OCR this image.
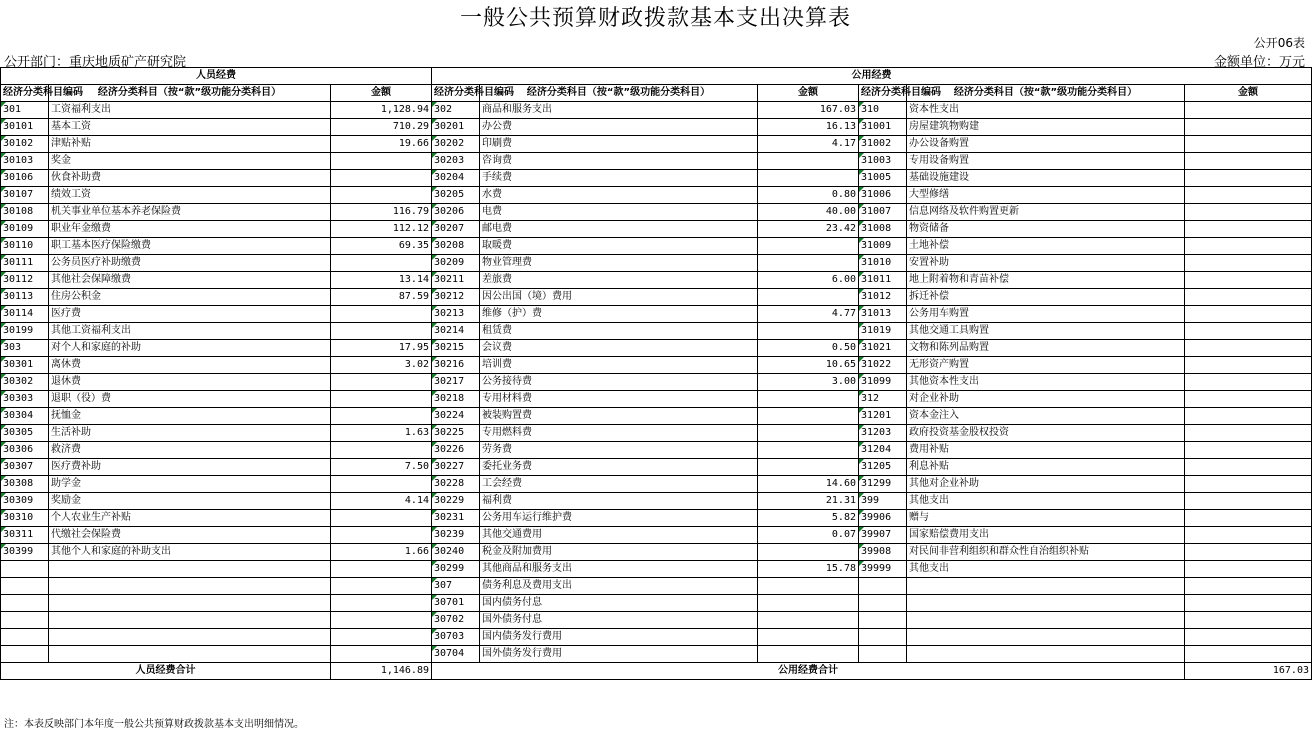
一般公共预算财政拨款基本支出决算表
公开06表
公开部门：重庆地质矿产研究院	金额单位：万元
人员经费			公用经费					
经济分类科目编码	经济分类科目（按“款”级功能分类科目）	金额	经济分类科目编码	经济分类科目（按“款”级功能分类科目）	金额	经济分类科目编码	经济分类科目（按“款”级功能分类科目）	金额
301	工资福利支出	1,128.94	302	商品和服务支出	167.03	310	资本性支出	
30101	基本工资	710.29	30201	办公费	16.13	31001	房屋建筑物购建	
30102	津贴补贴	19.66	30202	印刷费	4.17	31002	办公设备购置	
30103	奖金		30203	咨询费		31003	专用设备购置	
30106	伙食补助费		30204	手续费		31005	基础设施建设	
30107	绩效工资		30205	水费	0.80	31006	大型修缮	
30108	机关事业单位基本养老保险费	116.79	30206	电费	40.00	31007	信息网络及软件购置更新	
30109	职业年金缴费	112.12	30207	邮电费	23.42	31008	物资储备	
30110	职工基本医疗保险缴费	69.35	30208	取暖费		31009	土地补偿	
30111	公务员医疗补助缴费		30209	物业管理费		31010	安置补助	
30112	其他社会保障缴费	13.14	30211	差旅费	6.00	31011	地上附着物和青苗补偿	
30113	住房公积金	87.59	30212	因公出国（境）费用		31012	拆迁补偿	
30114	医疗费		30213	维修（护）费	4.77	31013	公务用车购置	
30199	其他工资福利支出		30214	租赁费		31019	其他交通工具购置	
303	对个人和家庭的补助	17.95	30215	会议费	0.50	31021	文物和陈列品购置	
30301	离休费	3.02	30216	培训费	10.65	31022	无形资产购置	
30302	退休费		30217	公务接待费	3.00	31099	其他资本性支出	
30303	退职（役）费		30218	专用材料费		312	对企业补助	
30304	抚恤金		30224	被装购置费		31201	资本金注入	
30305	生活补助	1.63	30225	专用燃料费		31203	政府投资基金股权投资	
30306	救济费		30226	劳务费		31204	费用补贴	
30307	医疗费补助	7.50	30227	委托业务费		31205	利息补贴	
30308	助学金		30228	工会经费	14.60	31299	其他对企业补助	
30309	奖励金	4.14	30229	福利费	21.31	399	其他支出	
30310	个人农业生产补贴		30231	公务用车运行维护费	5.82	39906	赠与	
30311	代缴社会保险费		30239	其他交通费用	0.07	39907	国家赔偿费用支出	
30399	其他个人和家庭的补助支出	1.66	30240	税金及附加费用		39908	对民间非营利组织和群众性自治组织补贴	
			30299	其他商品和服务支出	15.78	39999	其他支出	
			307	债务利息及费用支出				
			30701	国内债务付息				
			30702	国外债务付息				
			30703	国内债务发行费用				
			30704	国外债务发行费用				
人员经费合计		1,146.89	公用经费合计					167.03
注：本表反映部门本年度一般公共预算财政拨款基本支出明细情况。
